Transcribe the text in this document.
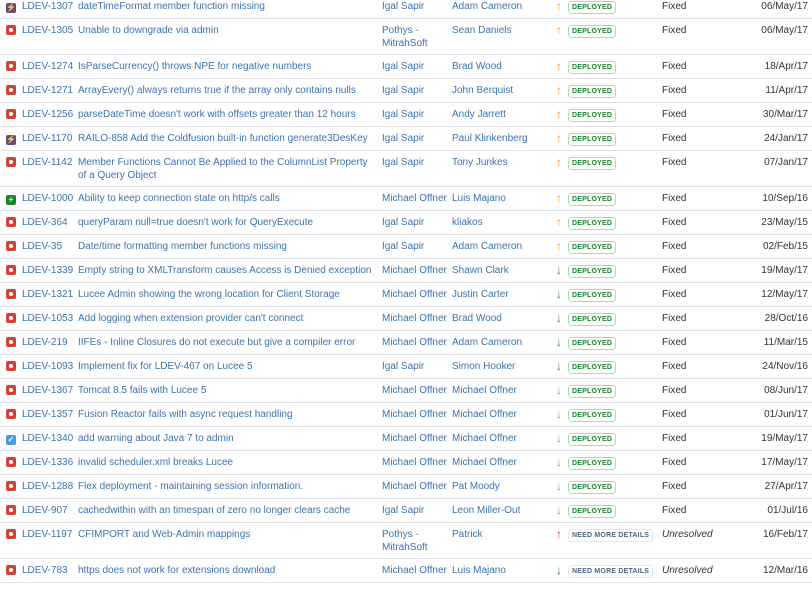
⚡	LDEV-1307	dateTimeFormat member function missing	Igal Sapir	Adam Cameron	↑	DEPLOYED	Fixed	06/May/17
	LDEV-1305	Unable to downgrade via admin	Pothys - MitrahSoft	Sean Daniels	↑	DEPLOYED	Fixed	06/May/17
	LDEV-1274	IsParseCurrency() throws NPE for negative numbers	Igal Sapir	Brad Wood	↑	DEPLOYED	Fixed	18/Apr/17
	LDEV-1271	ArrayEvery() always returns true if the array only contains nulls	Igal Sapir	John Berquist	↑	DEPLOYED	Fixed	11/Apr/17
	LDEV-1256	parseDateTime doesn't work with offsets greater than 12 hours	Igal Sapir	Andy Jarrett	↑	DEPLOYED	Fixed	30/Mar/17
⚡	LDEV-1170	RAILO-858 Add the Coldfusion built-in function generate3DesKey	Igal Sapir	Paul Klinkenberg	↑	DEPLOYED	Fixed	24/Jan/17
	LDEV-1142	Member Functions Cannot Be Applied to the ColumnList Property of a Query Object	Igal Sapir	Tony Junkes	↑	DEPLOYED	Fixed	07/Jan/17
+	LDEV-1000	Ability to keep connection state on http/s calls	Michael Offner	Luis Majano	↑	DEPLOYED	Fixed	10/Sep/16
	LDEV-364	queryParam null=true doesn't work for QueryExecute	Igal Sapir	kliakos	↑	DEPLOYED	Fixed	23/May/15
	LDEV-35	Date/time formatting member functions missing	Igal Sapir	Adam Cameron	↑	DEPLOYED	Fixed	02/Feb/15
	LDEV-1339	Empty string to XMLTransform causes Access is Denied exception	Michael Offner	Shawn Clark	↓	DEPLOYED	Fixed	19/May/17
	LDEV-1321	Lucee Admin showing the wrong location for Client Storage	Michael Offner	Justin Carter	↓	DEPLOYED	Fixed	12/May/17
	LDEV-1053	Add logging when extension provider can't connect	Michael Offner	Brad Wood	↓	DEPLOYED	Fixed	28/Oct/16
	LDEV-219	IIFEs - Inline Closures do not execute but give a compiler error	Michael Offner	Adam Cameron	↓	DEPLOYED	Fixed	11/Mar/15
	LDEV-1093	Implement fix for LDEV-467 on Lucee 5	Igal Sapir	Simon Hooker	↓	DEPLOYED	Fixed	24/Nov/16
	LDEV-1367	Tomcat 8.5 fails with Lucee 5	Michael Offner	Michael Offner	↓	DEPLOYED	Fixed	08/Jun/17
	LDEV-1357	Fusion Reactor fails with async request handling	Michael Offner	Michael Offner	↓	DEPLOYED	Fixed	01/Jun/17
✓	LDEV-1340	add warning about Java 7 to admin	Michael Offner	Michael Offner	↓	DEPLOYED	Fixed	19/May/17
	LDEV-1336	invalid scheduler.xml breaks Lucee	Michael Offner	Michael Offner	↓	DEPLOYED	Fixed	17/May/17
	LDEV-1288	Flex deployment - maintaining session information.	Michael Offner	Pat Moody	↓	DEPLOYED	Fixed	27/Apr/17
	LDEV-907	cachedwithin with an timespan of zero no longer clears cache	Igal Sapir	Leon Miller-Out	↓	DEPLOYED	Fixed	01/Jul/16
	LDEV-1197	CFIMPORT and Web-Admin mappings	Pothys - MitrahSoft	Patrick	↑	NEED MORE DETAILS	Unresolved	16/Feb/17
	LDEV-783	https does not work for extensions download	Michael Offner	Luis Majano	↓	NEED MORE DETAILS	Unresolved	12/Mar/16
